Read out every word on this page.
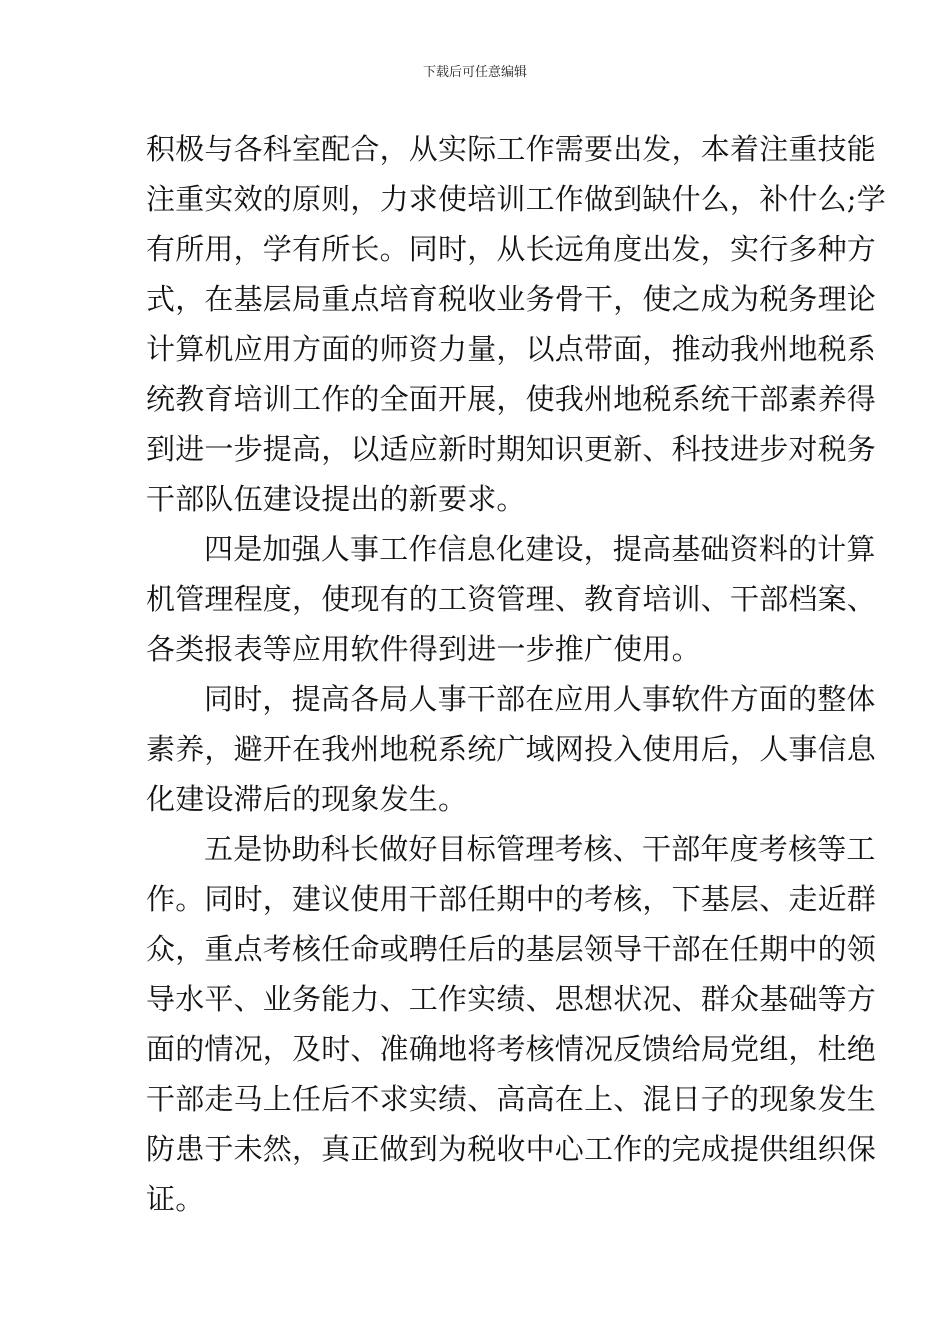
下载后可任意编辑
积极与各科室配合，从实际工作需要出发，本着注重技能
注重实效的原则，力求使培训工作做到缺什么，补什么;学
有所用，学有所长。同时，从长远角度出发，实行多种方
式，在基层局重点培育税收业务骨干，使之成为税务理论
计算机应用方面的师资力量，以点带面，推动我州地税系
统教育培训工作的全面开展，使我州地税系统干部素养得
到进一步提高，以适应新时期知识更新、科技进步对税务
干部队伍建设提出的新要求。
四是加强人事工作信息化建设，提高基础资料的计算
机管理程度，使现有的工资管理、教育培训、干部档案、
各类报表等应用软件得到进一步推广使用。
同时，提高各局人事干部在应用人事软件方面的整体
素养，避开在我州地税系统广域网投入使用后，人事信息
化建设滞后的现象发生。
五是协助科长做好目标管理考核、干部年度考核等工
作。同时，建议使用干部任期中的考核，下基层、走近群
众，重点考核任命或聘任后的基层领导干部在任期中的领
导水平、业务能力、工作实绩、思想状况、群众基础等方
面的情况，及时、准确地将考核情况反馈给局党组，杜绝
干部走马上任后不求实绩、高高在上、混日子的现象发生
防患于未然，真正做到为税收中心工作的完成提供组织保
证。
